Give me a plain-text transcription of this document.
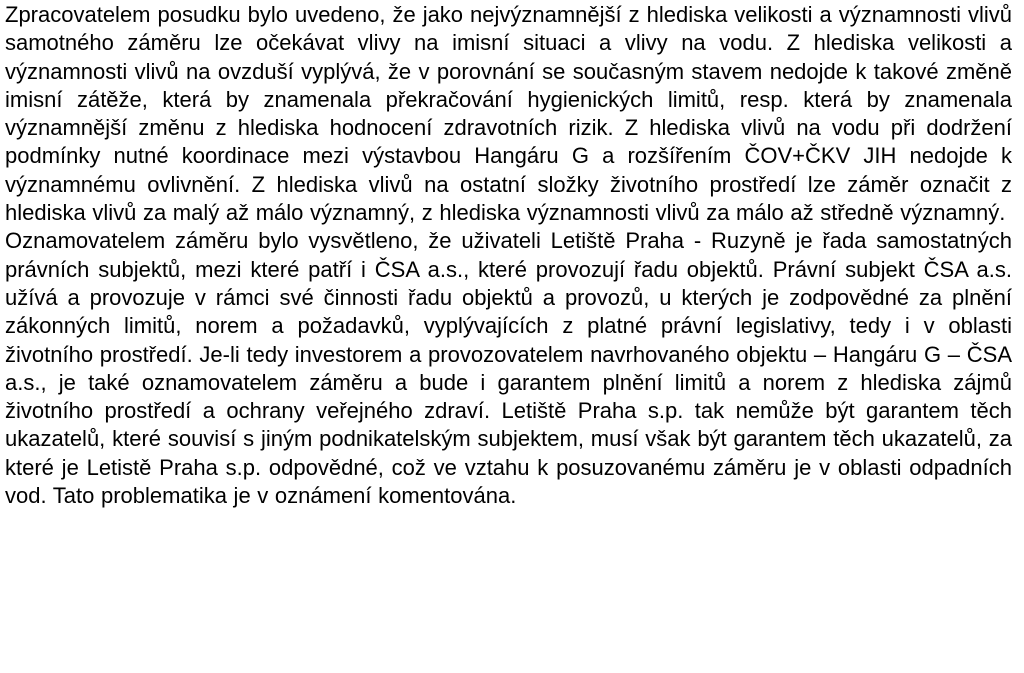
Zpracovatelem posudku bylo uvedeno, že jako nejvýznamnější z hlediska velikosti a významnosti vlivů samotného záměru lze očekávat vlivy na imisní situaci a vlivy na vodu. Z hlediska velikosti a významnosti vlivů na ovzduší vyplývá, že v porovnání se současným stavem nedojde k takové změně imisní zátěže, která by znamenala překračování hygienických limitů, resp. která by znamenala významnější změnu z hlediska hodnocení zdravotních rizik. Z hlediska vlivů na vodu při dodržení podmínky nutné koordinace mezi výstavbou Hangáru G a rozšířením ČOV+ČKV JIH nedojde k významnému ovlivnění. Z hlediska vlivů na ostatní složky životního prostředí lze záměr označit z hlediska vlivů za malý až málo významný, z hlediska významnosti vlivů za málo až středně významný.

Oznamovatelem záměru bylo vysvětleno, že uživateli Letiště Praha - Ruzyně je řada samostatných právních subjektů, mezi které patří i ČSA a.s., které provozují řadu objektů. Právní subjekt ČSA a.s. užívá a provozuje v rámci své činnosti řadu objektů a provozů, u kterých je zodpovědné za plnění zákonných limitů, norem a požadavků, vyplývajících z platné právní legislativy, tedy i v oblasti životního prostředí. Je-li tedy investorem a provozovatelem navrhovaného objektu – Hangáru G – ČSA a.s., je také oznamovatelem záměru a bude i garantem plnění limitů a norem z hlediska zájmů životního prostředí a ochrany veřejného zdraví. Letiště Praha s.p. tak nemůže být garantem těch ukazatelů, které souvisí s jiným podnikatelským subjektem, musí však být garantem těch ukazatelů, za které je Letistě Praha s.p. odpovědné, což ve vztahu k posuzovanému záměru je v oblasti odpadních vod. Tato problematika je v oznámení komentována.
